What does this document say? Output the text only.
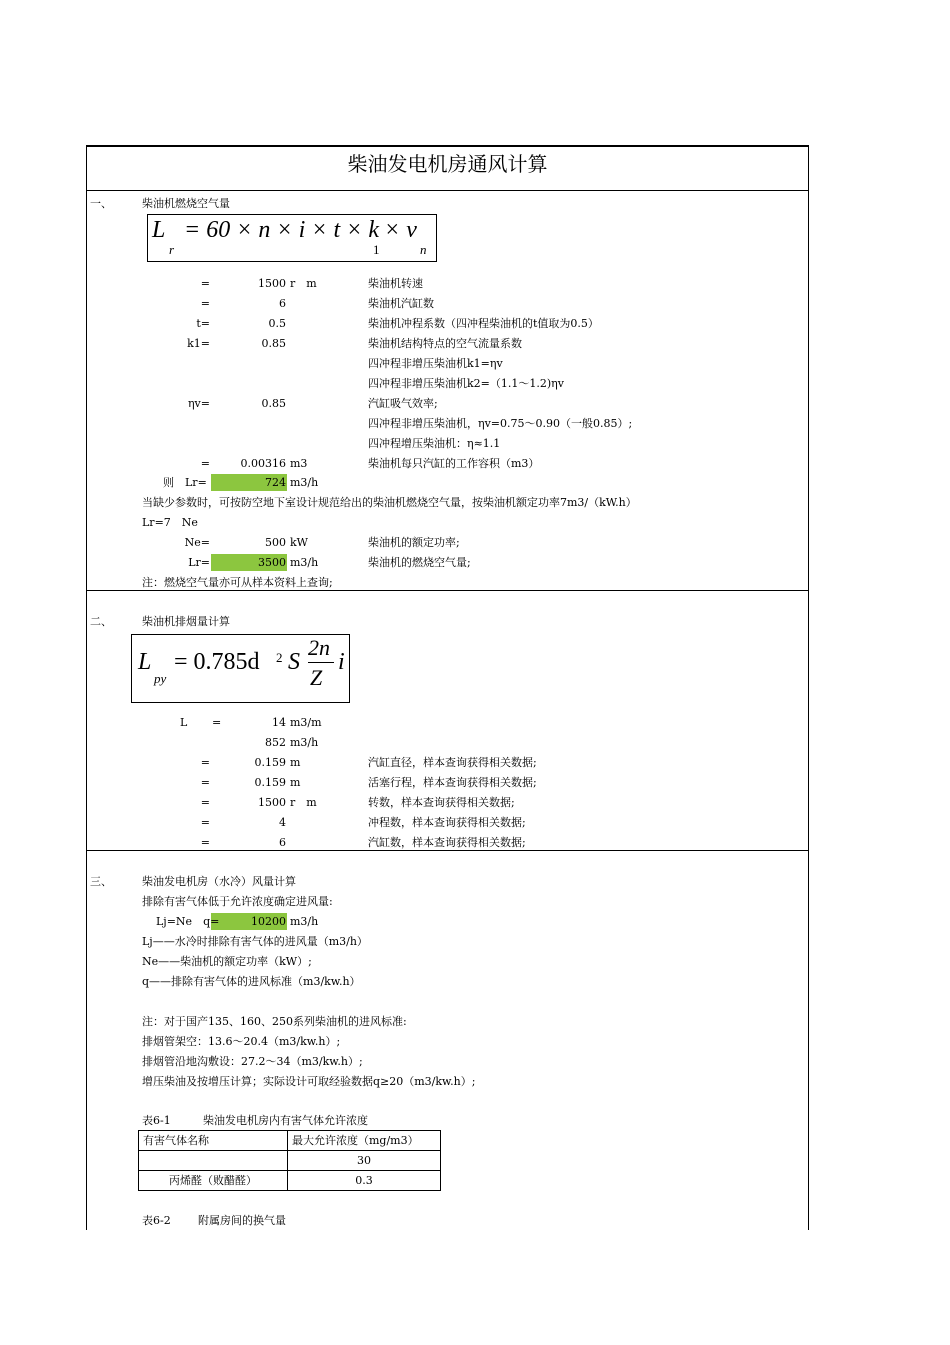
柴油发电机房通风计算
一、	柴油机燃烧空气量
L = 60 × n × i × t × k × v
r	1	n
=	1500 r　m	柴油机转速
=	6	柴油机汽缸数
t=	0.5	柴油机冲程系数（四冲程柴油机的t值取为0.5）
k1=	0.85	柴油机结构特点的空气流量系数
四冲程非增压柴油机k1=ηv
四冲程非增压柴油机k2=（1.1～1.2)ηv
ηv=	0.85	汽缸吸气效率;
四冲程非增压柴油机，ηv=0.75～0.90（一般0.85）;
四冲程增压柴油机：η≈1.1
=	0.00316 m3	柴油机每只汽缸的工作容积（m3）
则　Lr=	724 m3/h
当缺少参数时，可按防空地下室设计规范给出的柴油机燃烧空气量，按柴油机额定功率7m3/（kW.h）
Lr=7　Ne
Ne=	500 kW	柴油机的额定功率;
Lr=	3500 m3/h	柴油机的燃烧空气量;
注：燃烧空气量亦可从样本资料上查询;
二、	柴油机排烟量计算
L = 0.785d 2 S
2n
Z
i
py
L =	14 m3/m
852 m3/h
=	0.159 m	汽缸直径，样本查询获得相关数据;
=	0.159 m	活塞行程，样本查询获得相关数据;
=	1500 r　m	转数，样本查询获得相关数据;
=	4	冲程数，样本查询获得相关数据;
=	6	汽缸数，样本查询获得相关数据;
三、	柴油发电机房（水冷）风量计算
排除有害气体低于允许浓度确定进风量:
Lj=Ne　q=	10200 m3/h
Lj——水冷时排除有害气体的进风量（m3/h）
Ne——柴油机的额定功率（kW）;
q——排除有害气体的进风标准（m3/kw.h）
注：对于国产135、160、250系列柴油机的进风标准:
排烟管架空：13.6～20.4（m3/kw.h）;
排烟管沿地沟敷设：27.2～34（m3/kw.h）;
增压柴油及按增压计算；实际设计可取经验数据q≥20（m3/kw.h）;
表6-1	柴油发电机房内有害气体允许浓度
有害气体名称	最大允许浓度（mg/m3）
	30
丙烯醛（败醋醛）	0.3
表6-2 附属房间的换气量
